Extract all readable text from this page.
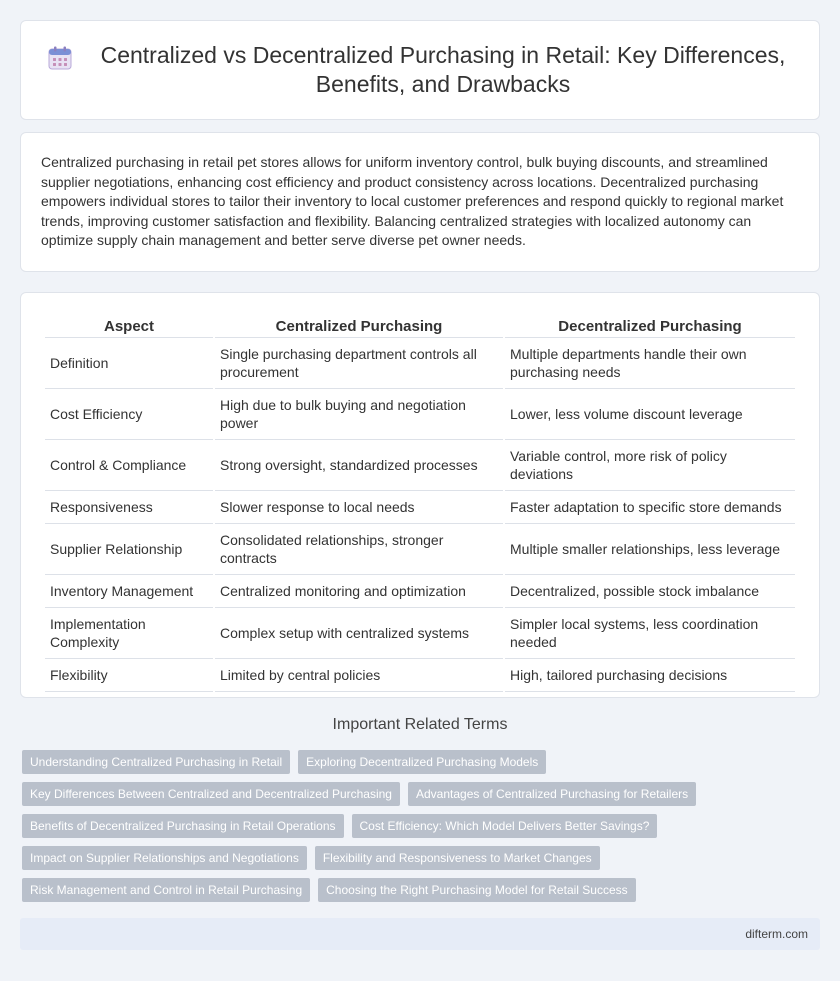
Centralized vs Decentralized Purchasing in Retail: Key Differences, Benefits, and Drawbacks

Centralized purchasing in retail pet stores allows for uniform inventory control, bulk buying discounts, and streamlined supplier negotiations, enhancing cost efficiency and product consistency across locations. Decentralized purchasing empowers individual stores to tailor their inventory to local customer preferences and respond quickly to regional market trends, improving customer satisfaction and flexibility. Balancing centralized strategies with localized autonomy can optimize supply chain management and better serve diverse pet owner needs.

Aspect	Centralized Purchasing	Decentralized Purchasing
Definition	Single purchasing department controls all procurement	Multiple departments handle their own purchasing needs
Cost Efficiency	High due to bulk buying and negotiation power	Lower, less volume discount leverage
Control & Compliance	Strong oversight, standardized processes	Variable control, more risk of policy deviations
Responsiveness	Slower response to local needs	Faster adaptation to specific store demands
Supplier Relationship	Consolidated relationships, stronger contracts	Multiple smaller relationships, less leverage
Inventory Management	Centralized monitoring and optimization	Decentralized, possible stock imbalance
Implementation Complexity	Complex setup with centralized systems	Simpler local systems, less coordination needed
Flexibility	Limited by central policies	High, tailored purchasing decisions
Important Related Terms
Understanding Centralized Purchasing in Retail	Exploring Decentralized Purchasing Models
Key Differences Between Centralized and Decentralized Purchasing	Advantages of Centralized Purchasing for Retailers
Benefits of Decentralized Purchasing in Retail Operations	Cost Efficiency: Which Model Delivers Better Savings?
Impact on Supplier Relationships and Negotiations	Flexibility and Responsiveness to Market Changes
Risk Management and Control in Retail Purchasing	Choosing the Right Purchasing Model for Retail Success
difterm.com
